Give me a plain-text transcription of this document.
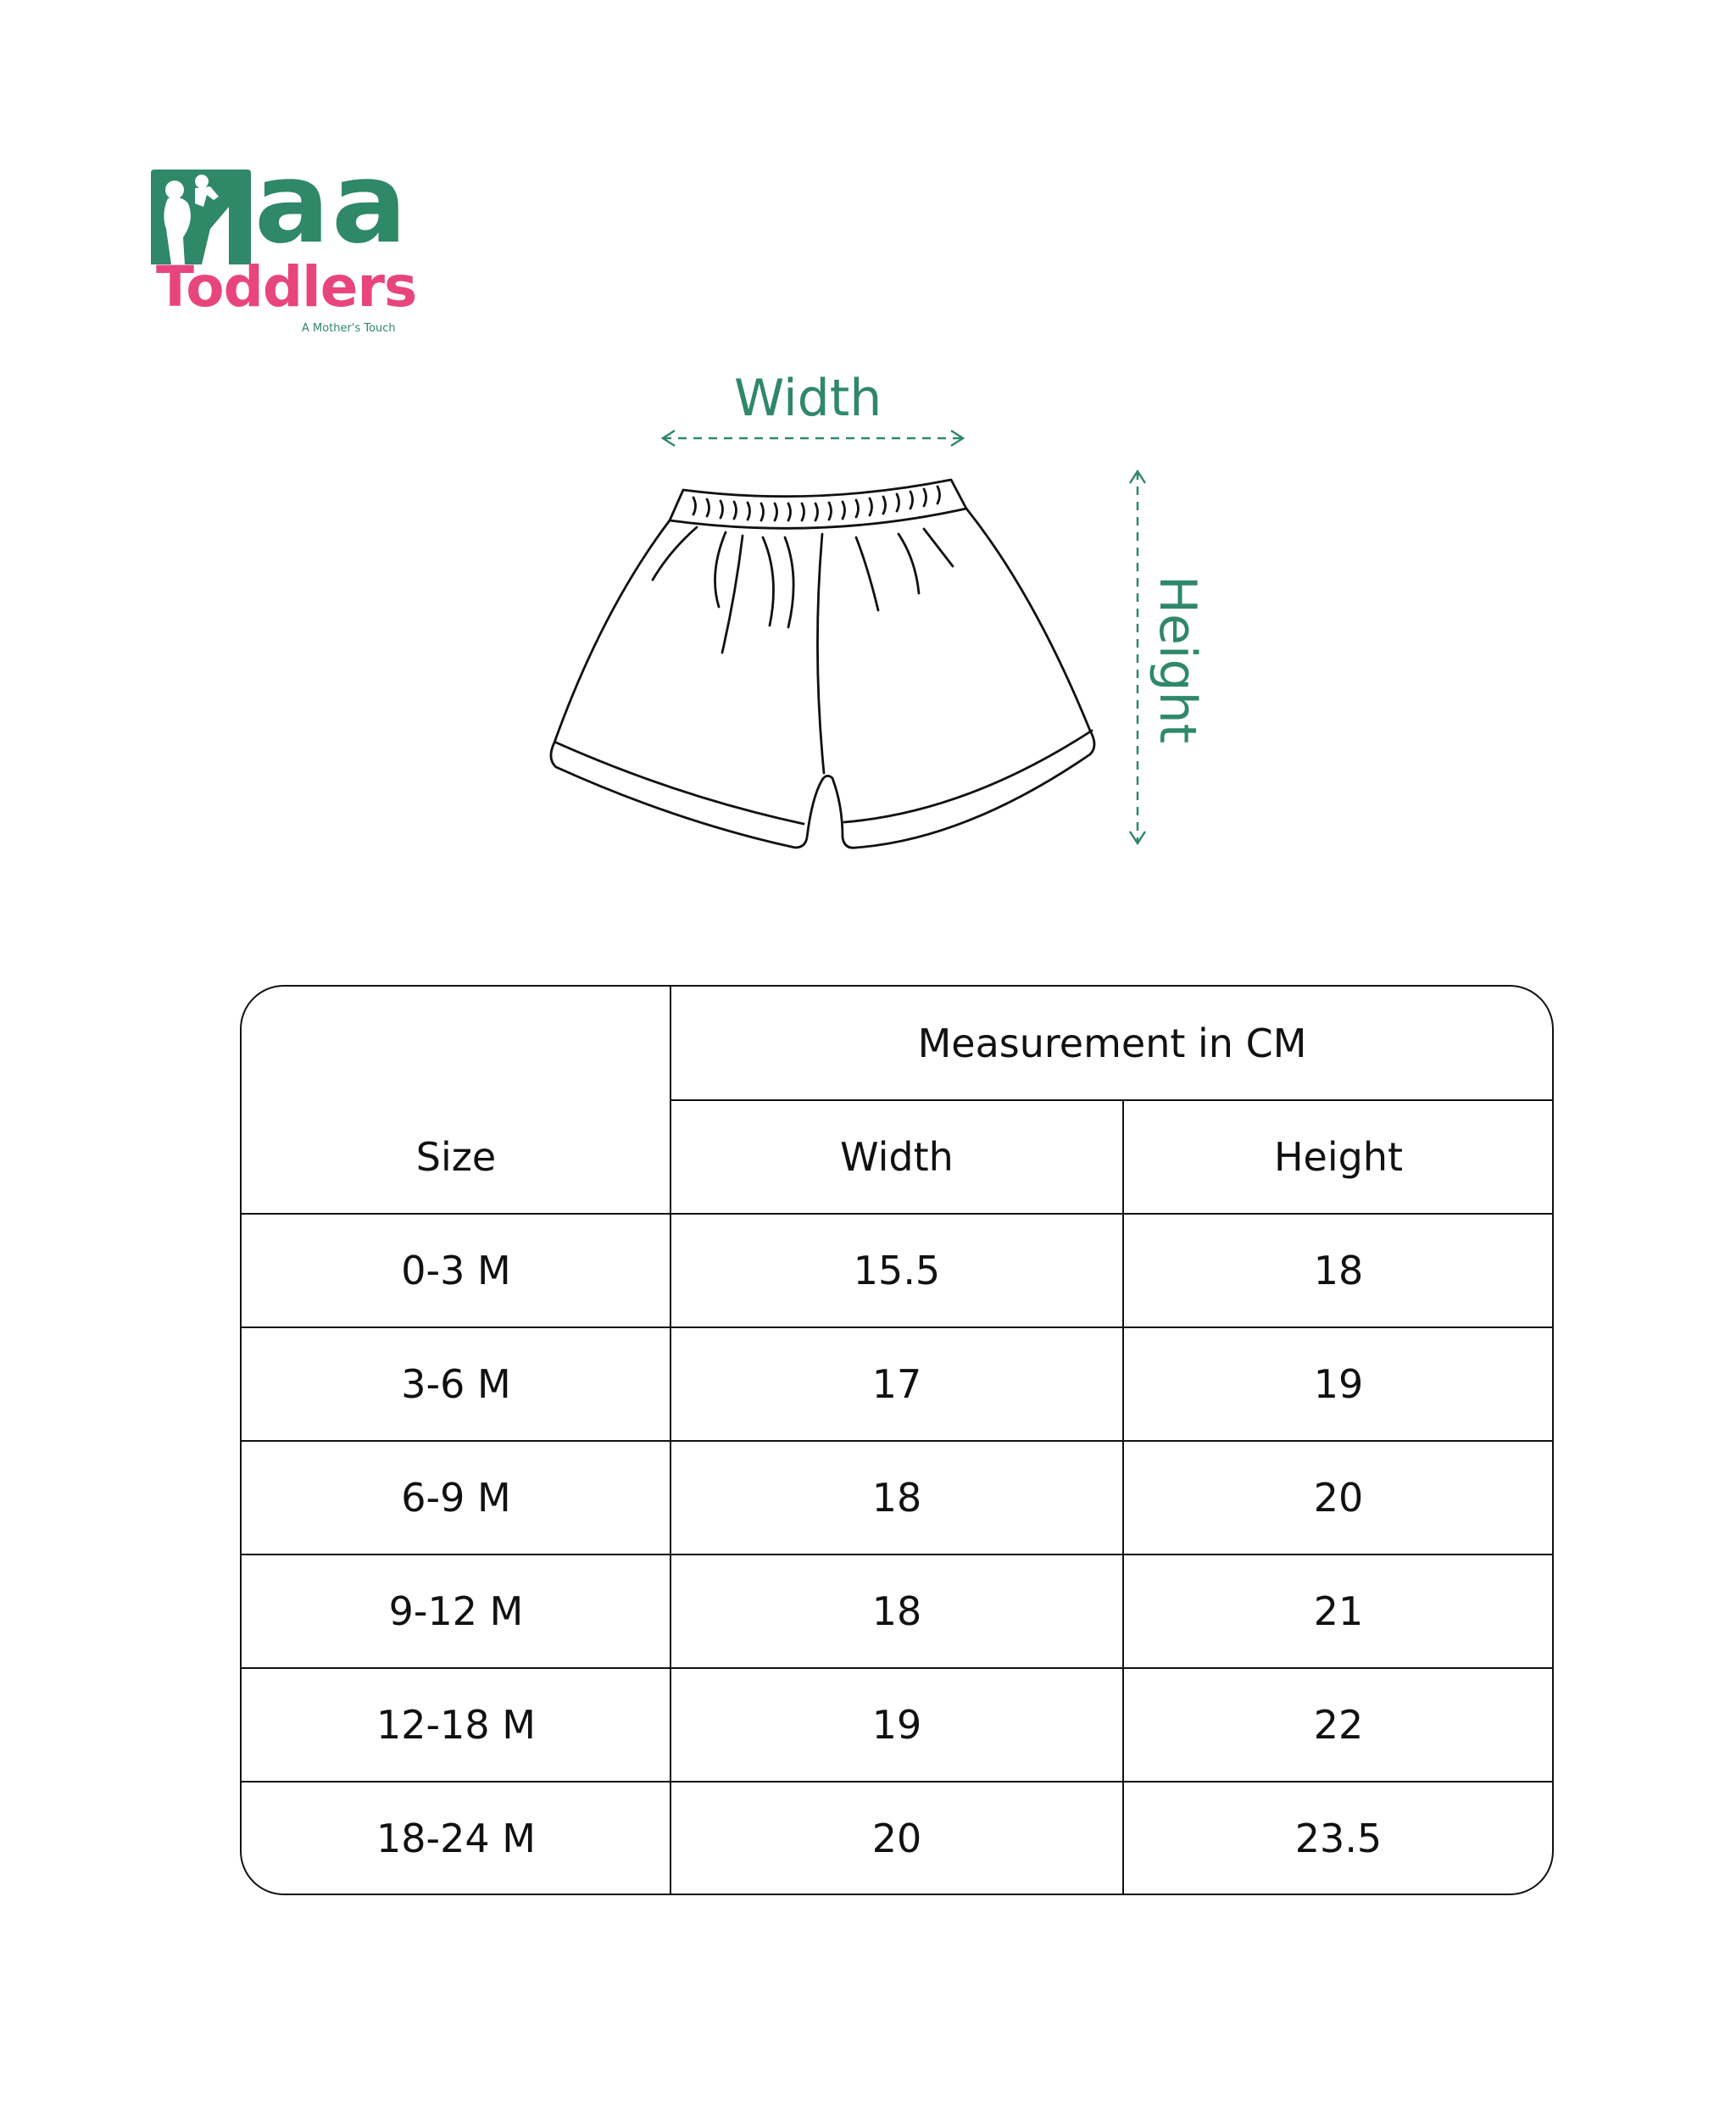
aa
Toddlers
A Mother's Touch
Width
Height
Size
Measurement in CM
Width	Height
0-3 M	15.5	18
3-6 M	17	19
6-9 M	18	20
9-12 M	18	21
12-18 M	19	22
18-24 M	20	23.5
